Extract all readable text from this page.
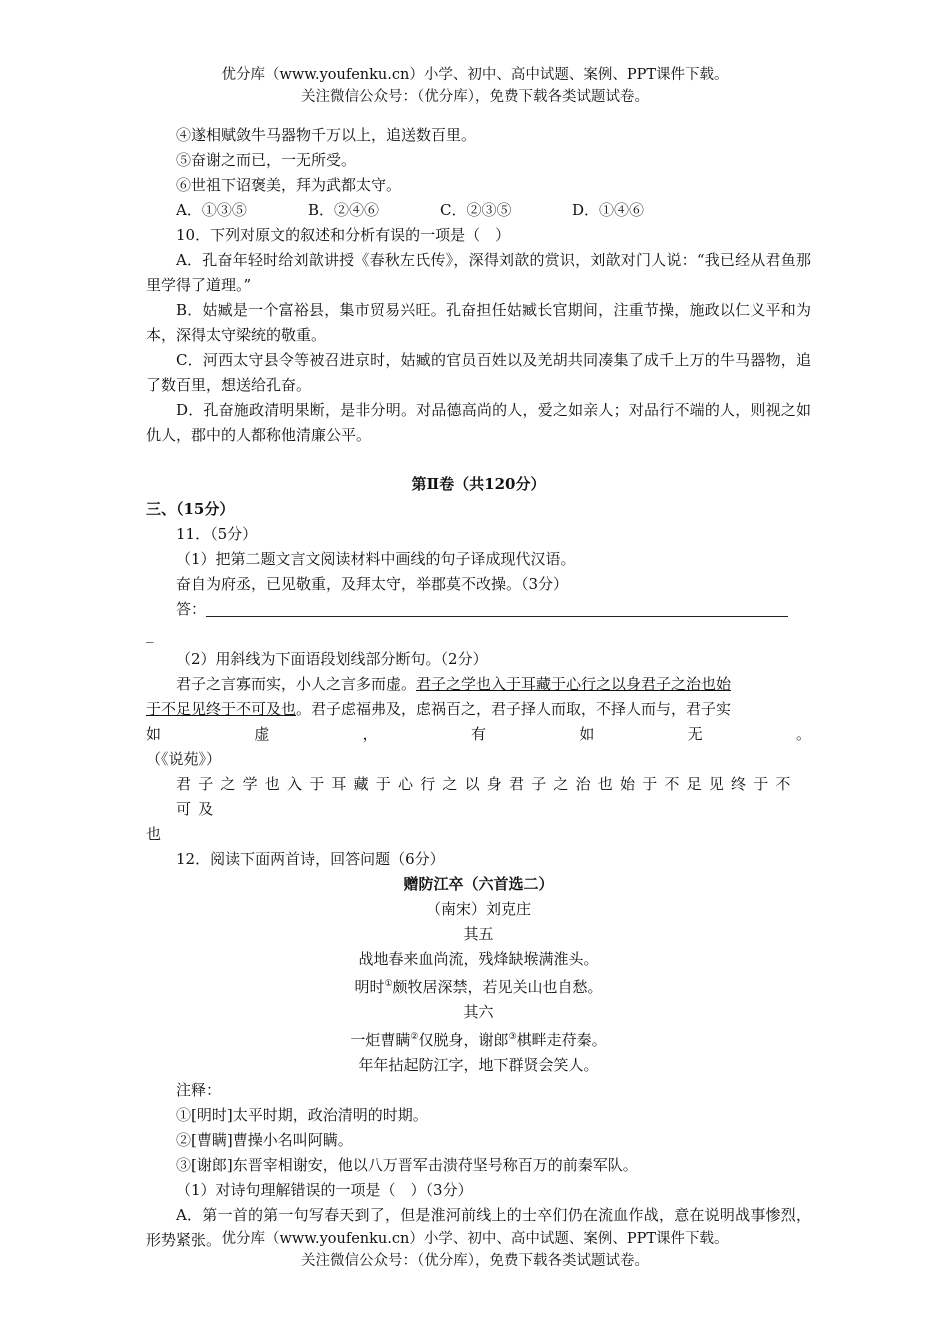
优分库（www.youfenku.cn）小学、初中、高中试题、案例、PPT课件下载。
关注微信公众号：（优分库），免费下载各类试题试卷。
④遂相赋敛牛马器物千万以上，追送数百里。
⑤奋谢之而已，一无所受。
⑥世祖下诏褒美，拜为武都太守。
A．①③⑤	B．②④⑥	C．②③⑤	D．①④⑥
10．下列对原文的叙述和分析有误的一项是（　）
A．孔奋年轻时给刘歆讲授《春秋左氏传》，深得刘歆的赏识，刘歆对门人说：“我已经从君鱼那里学得了道理。”
B．姑臧是一个富裕县，集市贸易兴旺。孔奋担任姑臧长官期间，注重节操，施政以仁义平和为本，深得太守梁统的敬重。
C．河西太守县令等被召进京时，姑臧的官员百姓以及羌胡共同凑集了成千上万的牛马器物，追了数百里，想送给孔奋。
D．孔奋施政清明果断，是非分明。对品德高尚的人，爱之如亲人；对品行不端的人，则视之如仇人，郡中的人都称他清廉公平。
第Ⅱ卷（共120分）
三、（15分）
11．（5分）
（1）把第二题文言文阅读材料中画线的句子译成现代汉语。
奋自为府丞，已见敬重，及拜太守，举郡莫不改操。（3分）
答：
_
（2）用斜线为下面语段划线部分断句。（2分）
君子之言寡而实，小人之言多而虚。君子之学也入于耳藏于心行之以身君子之治也始
于不足见终于不可及也。君子虑福弗及，虑祸百之，君子择人而取，不择人而与，君子实
如	虚	，	有	如	无	。
（《说苑》）
君子之学也入于耳藏于心行之以身君子之治也始于不足见终于不可及
也
12．阅读下面两首诗，回答问题（6分）
赠防江卒（六首选二）
（南宋）刘克庄
其五
战地春来血尚流，残烽缺堠满淮头。
明时①颇牧居深禁，若见关山也自愁。
其六
一炬曹瞒②仅脱身，谢郎③棋畔走苻秦。
年年拈起防江字，地下群贤会笑人。
注释：
①[明时]太平时期，政治清明的时期。
②[曹瞒]曹操小名叫阿瞒。
③[谢郎]东晋宰相谢安，他以八万晋军击溃苻坚号称百万的前秦军队。
（1）对诗句理解错误的一项是（　）（3分）
A．第一首的第一句写春天到了，但是淮河前线上的士卒们仍在流血作战，意在说明战事惨烈，形势紧张。 优分库（www.youfenku.cn）小学、初中、高中试题、案例、PPT课件下载。
关注微信公众号：（优分库），免费下载各类试题试卷。
